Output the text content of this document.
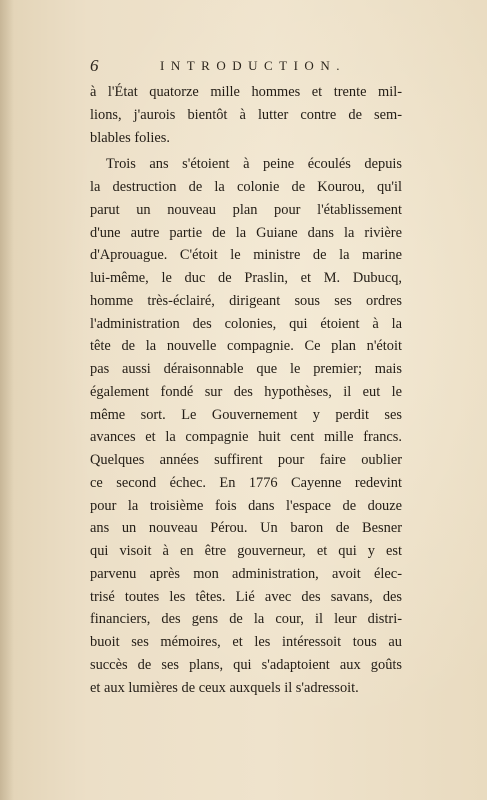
6	INTRODUCTION.
à l'État quatorze mille hommes et trente mil-
lions, j'aurois bientôt à lutter contre de sem-
blables folies.
Trois ans s'étoient à peine écoulés depuis
la destruction de la colonie de Kourou, qu'il
parut un nouveau plan pour l'établissement
d'une autre partie de la Guiane dans la rivière
d'Aprouague. C'étoit le ministre de la marine
lui-même, le duc de Praslin, et M. Dubucq,
homme très-éclairé, dirigeant sous ses ordres
l'administration des colonies, qui étoient à la
tête de la nouvelle compagnie. Ce plan n'étoit
pas aussi déraisonnable que le premier; mais
également fondé sur des hypothèses, il eut le
même sort. Le Gouvernement y perdit ses
avances et la compagnie huit cent mille francs.
Quelques années suffirent pour faire oublier
ce second échec. En 1776 Cayenne redevint
pour la troisième fois dans l'espace de douze
ans un nouveau Pérou. Un baron de Besner
qui visoit à en être gouverneur, et qui y est
parvenu après mon administration, avoit élec-
trisé toutes les têtes. Lié avec des savans, des
financiers, des gens de la cour, il leur distri-
buoit ses mémoires, et les intéressoit tous au
succès de ses plans, qui s'adaptoient aux goûts
et aux lumières de ceux auxquels il s'adressoit.
